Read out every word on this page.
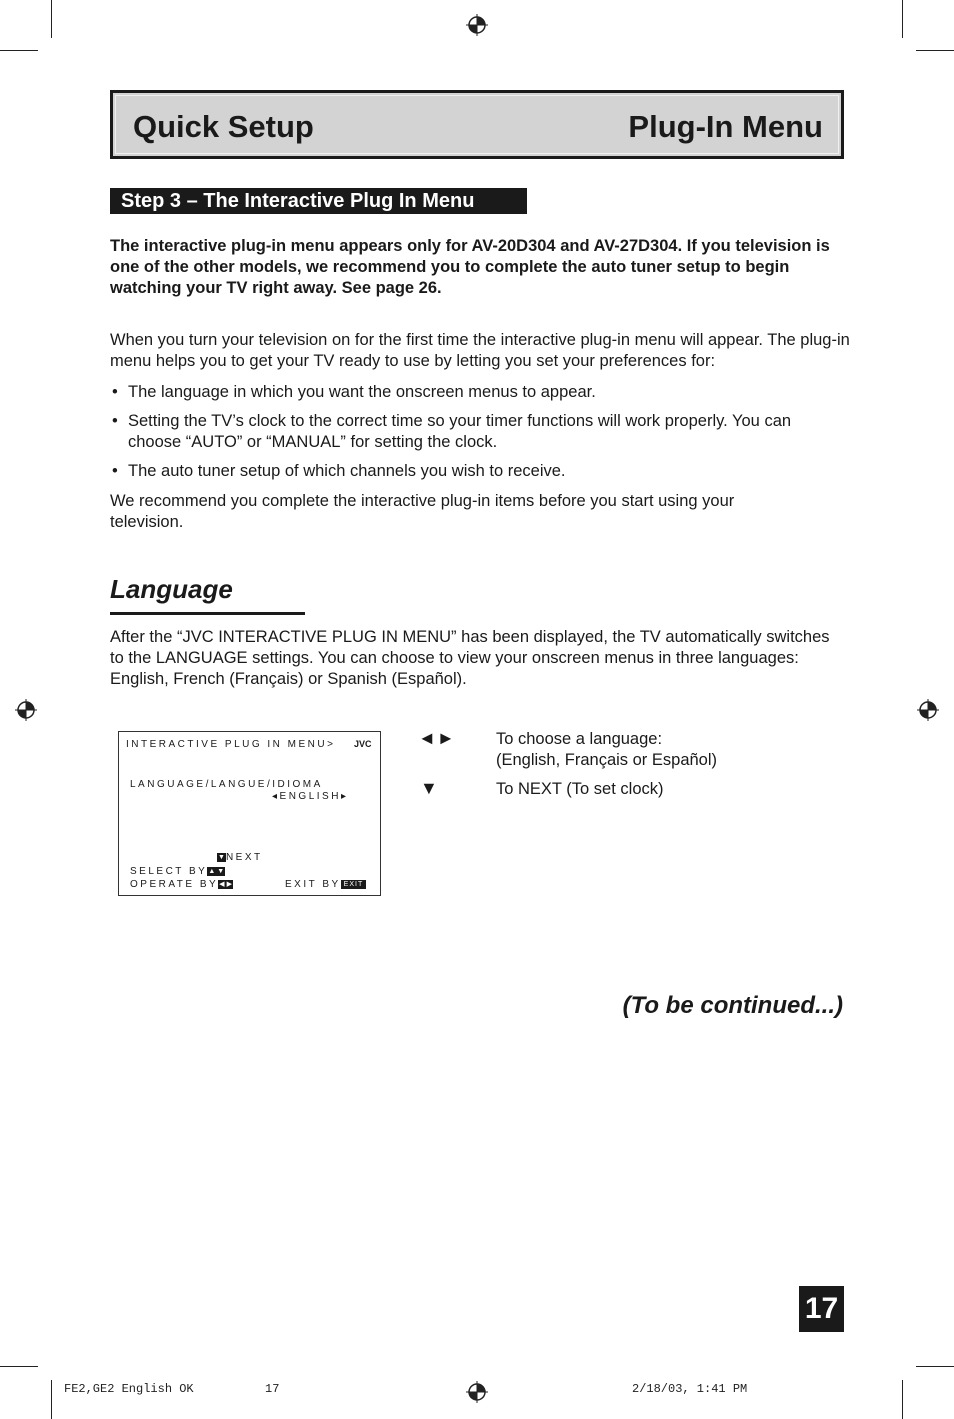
Quick Setup	Plug-In Menu
Step 3 – The Interactive Plug In Menu
The interactive plug-in menu appears only for AV-20D304 and AV-27D304. If you television is one of the other models, we recommend you to complete the auto tuner setup to begin watching your TV right away. See page 26.
When you turn your television on for the first time the interactive plug-in menu will appear. The plug-in menu helps you to get your TV ready to use by letting you set your preferences for:
• The language in which you want the onscreen menus to appear.
• Setting the TV’s clock to the correct time so your timer functions will work properly. You can choose “AUTO” or “MANUAL” for setting the clock.
• The auto tuner setup of which channels you wish to receive.
We recommend you complete the interactive plug-in items before you start using your television.
Language
After the “JVC INTERACTIVE PLUG IN MENU” has been displayed, the TV automatically switches to the LANGUAGE settings. You can choose to view your onscreen menus in three languages: English, French (Français) or Spanish (Español).
INTERACTIVE PLUG IN MENU> JVC
LANGUAGE/LANGUE/IDIOMA
◂ENGLISH▸
▼NEXT
SELECT BY▲ ▼
OPERATE BY◀ ▶	EXIT BY EXIT
◄► To choose a language:
(English, Français or Español)
▼	To NEXT (To set clock)
(To be continued...)
17
FE2,GE2 English OK	17	2/18/03, 1:41 PM
